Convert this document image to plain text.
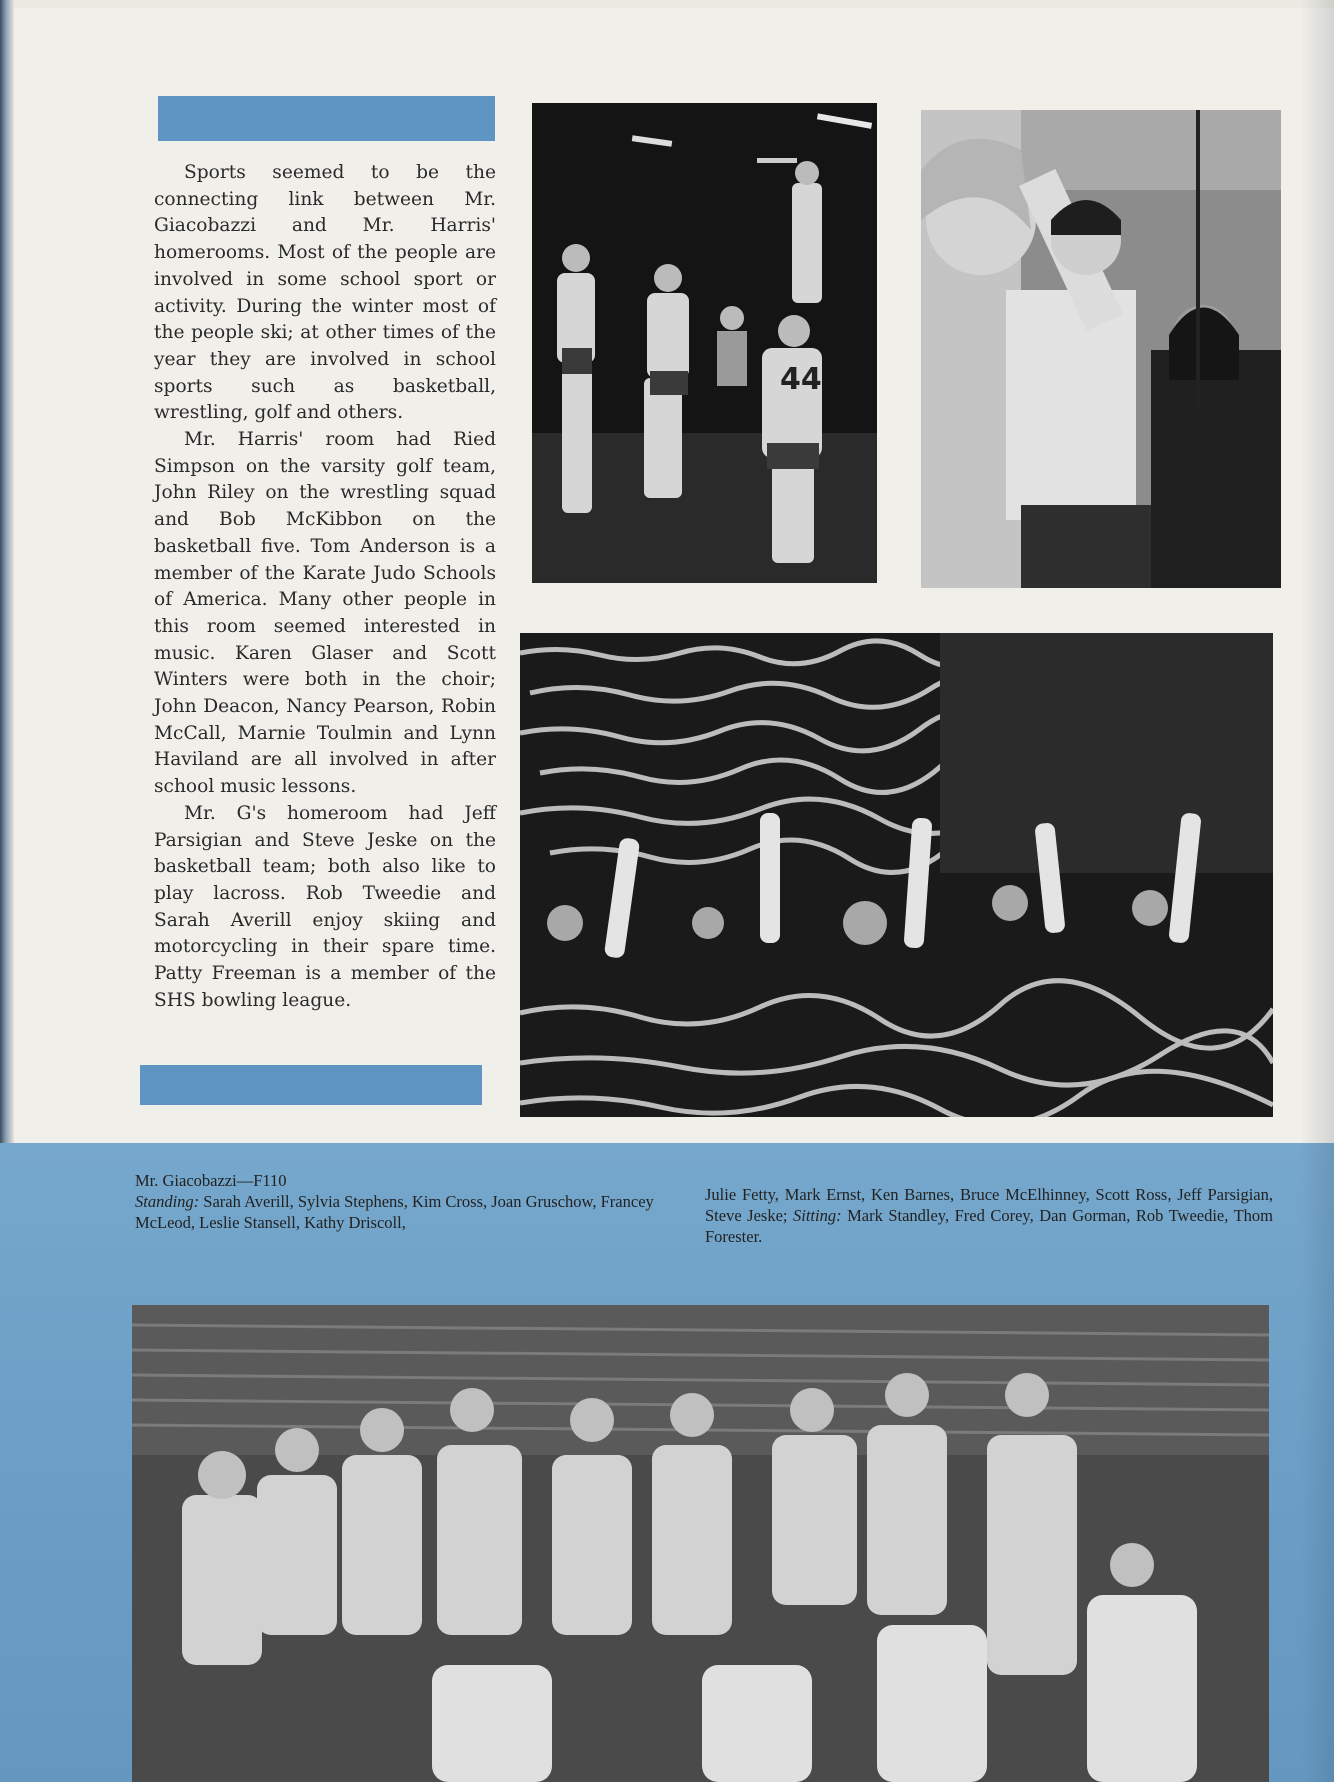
Sports seemed to be the connecting link between Mr. Giacobazzi and Mr. Harris' homerooms. Most of the people are involved in some school sport or activity. During the winter most of the people ski; at other times of the year they are involved in school sports such as basketball, wrestling, golf and others.

Mr. Harris' room had Ried Simpson on the varsity golf team, John Riley on the wrestling squad and Bob McKibbon on the basketball five. Tom Anderson is a member of the Karate Judo Schools of America. Many other people in this room seemed interested in music. Karen Glaser and Scott Winters were both in the choir; John Deacon, Nancy Pearson, Robin McCall, Marnie Toulmin and Lynn Haviland are all involved in after school music lessons.

Mr. G's homeroom had Jeff Parsigian and Steve Jeske on the basketball team; both also like to play lacross. Rob Tweedie and Sarah Averill enjoy skiing and motorcycling in their spare time. Patty Freeman is a member of the SHS bowling league.

44
Mr. Giacobazzi—F110
Standing: Sarah Averill, Sylvia Stephens, Kim Cross, Joan Gruschow, Francey McLeod, Leslie Stansell, Kathy Driscoll,
Julie Fetty, Mark Ernst, Ken Barnes, Bruce McElhinney, Scott Ross, Jeff Parsigian, Steve Jeske; Sitting: Mark Standley, Fred Corey, Dan Gorman, Rob Tweedie, Thom Forester.
